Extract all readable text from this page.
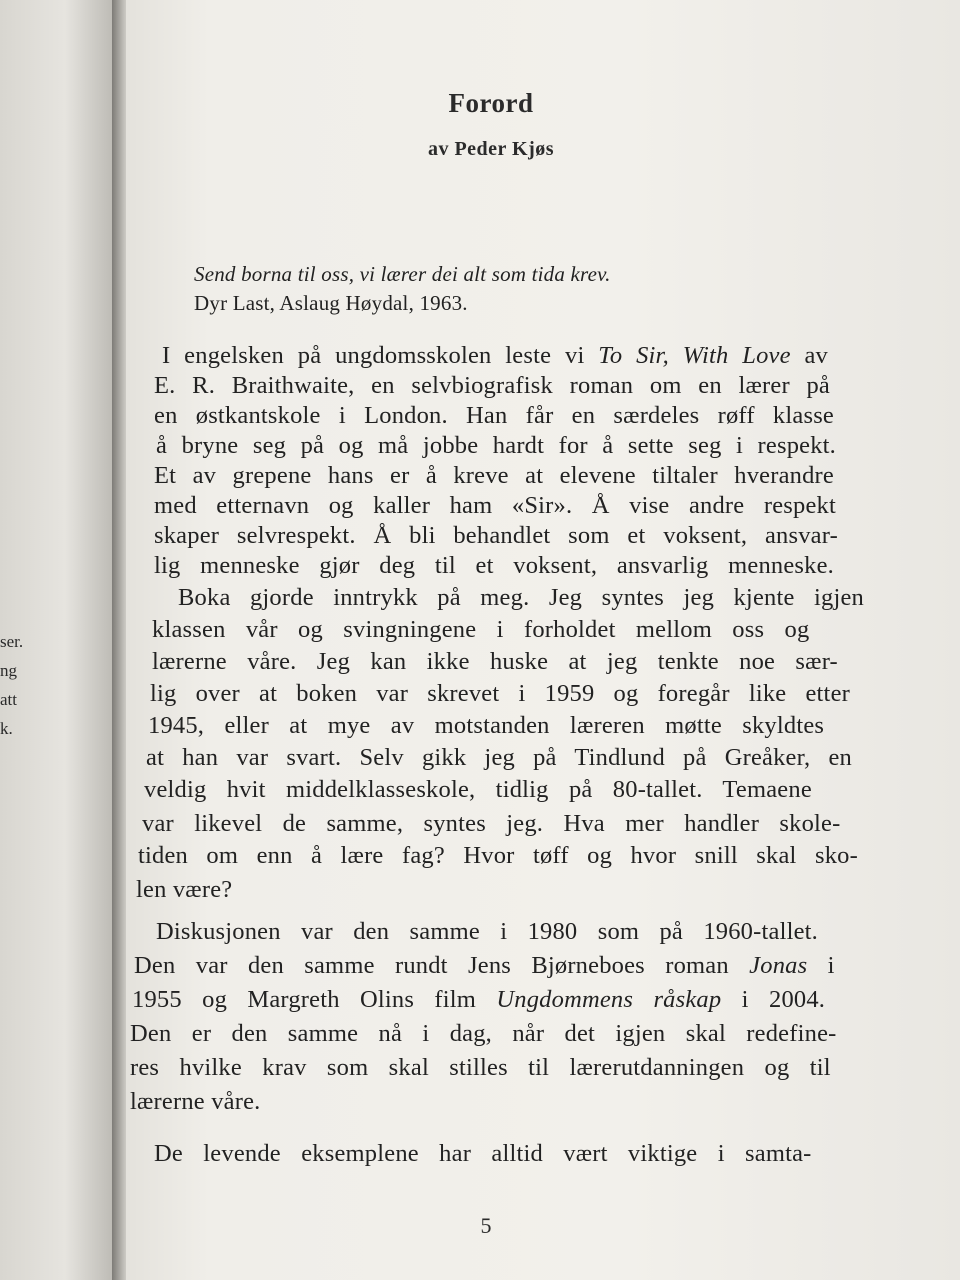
ser.
ng
att
k.
Forord
av Peder Kjøs
Send borna til oss, vi lærer dei alt som tida krev.
Dyr Last, Aslaug Høydal, 1963.
I engelsken på ungdomsskolen leste vi To Sir, With Love av
E. R. Braithwaite, en selvbiografisk roman om en lærer på
en østkantskole i London. Han får en særdeles røff klasse
å bryne seg på og må jobbe hardt for å sette seg i respekt.
Et av grepene hans er å kreve at elevene tiltaler hverandre
med etternavn og kaller ham «Sir». Å vise andre respekt
skaper selvrespekt. Å bli behandlet som et voksent, ansvar-
lig menneske gjør deg til et voksent, ansvarlig menneske.
Boka gjorde inntrykk på meg. Jeg syntes jeg kjente igjen
klassen vår og svingningene i forholdet mellom oss og
lærerne våre. Jeg kan ikke huske at jeg tenkte noe sær-
lig over at boken var skrevet i 1959 og foregår like etter
1945, eller at mye av motstanden læreren møtte skyldtes
at han var svart. Selv gikk jeg på Tindlund på Greåker, en
veldig hvit middelklasseskole, tidlig på 80-tallet. Temaene
var likevel de samme, syntes jeg. Hva mer handler skole-
tiden om enn å lære fag? Hvor tøff og hvor snill skal sko-
len være?
Diskusjonen var den samme i 1980 som på 1960-tallet.
Den var den samme rundt Jens Bjørneboes roman Jonas i
1955 og Margreth Olins film Ungdommens råskap i 2004.
Den er den samme nå i dag, når det igjen skal redefine-
res hvilke krav som skal stilles til lærerutdanningen og til
lærerne våre.
De levende eksemplene har alltid vært viktige i samta-
5
